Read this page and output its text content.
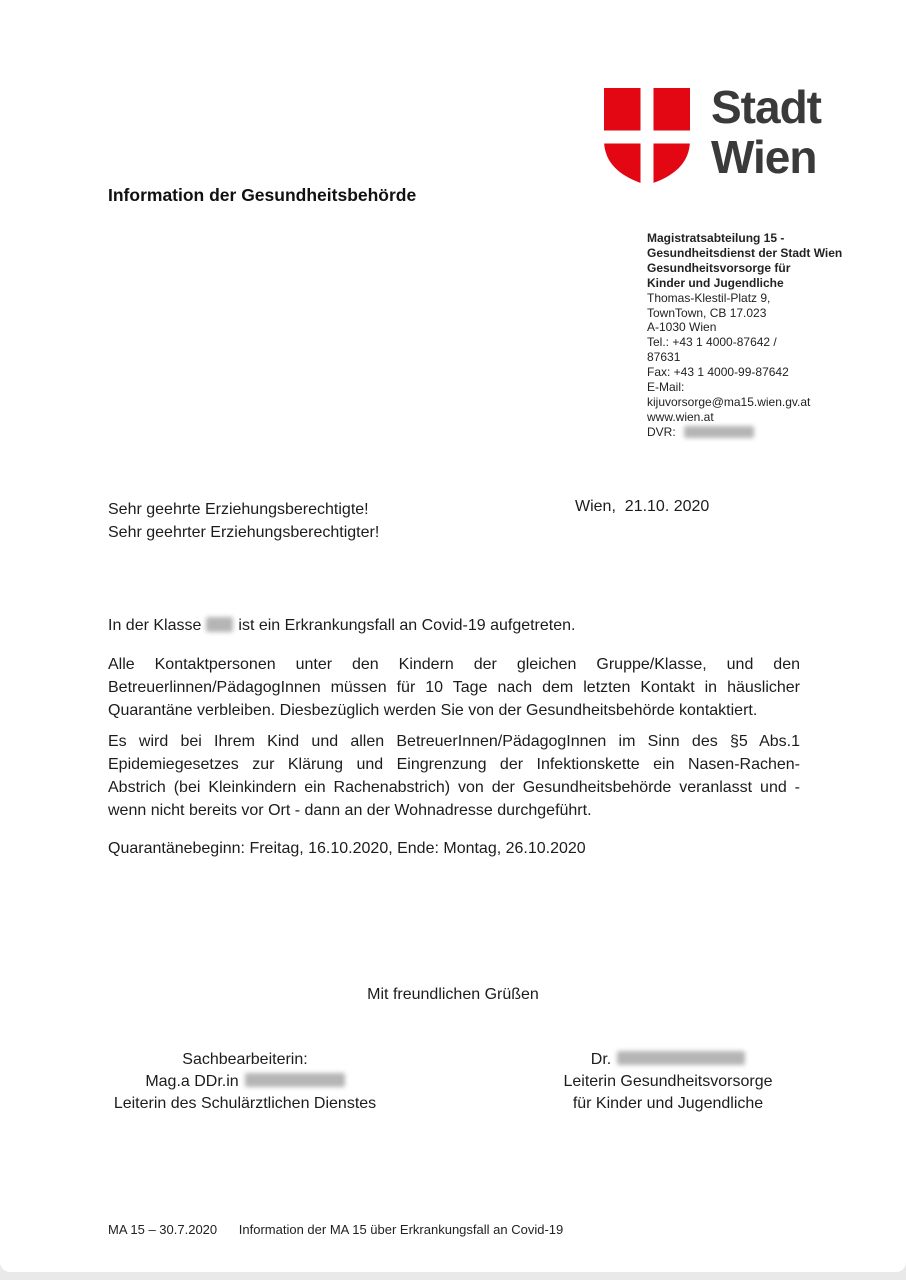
Stadt
Wien
Information der Gesundheitsbehörde
Magistratsabteilung 15 -
Gesundheitsdienst der Stadt Wien
Gesundheitsvorsorge für
Kinder und Jugendliche
Thomas-Klestil-Platz 9,
TownTown, CB 17.023
A-1030 Wien
Tel.: +43 1 4000-87642 /
87631
Fax: +43 1 4000-99-87642
E-Mail:
kijuvorsorge@ma15.wien.gv.at
www.wien.at
DVR:
Sehr geehrte Erziehungsberechtigte!
Sehr geehrter Erziehungsberechtigter!
Wien,  21.10. 2020
In der Klasse ist ein Erkrankungsfall an Covid-19 aufgetreten.
Alle Kontaktpersonen unter den Kindern der gleichen Gruppe/Klasse, und den
Betreuerlinnen/PädagogInnen müssen für 10 Tage nach dem letzten Kontakt in häuslicher
Quarantäne verbleiben. Diesbezüglich werden Sie von der Gesundheitsbehörde kontaktiert.
Es wird bei Ihrem Kind und allen BetreuerInnen/PädagogInnen im Sinn des §5 Abs.1
Epidemiegesetzes zur Klärung und Eingrenzung der Infektionskette ein Nasen-Rachen-
Abstrich (bei Kleinkindern ein Rachenabstrich) von der Gesundheitsbehörde veranlasst und -
wenn nicht bereits vor Ort - dann an der Wohnadresse durchgeführt.
Quarantänebeginn: Freitag, 16.10.2020, Ende: Montag, 26.10.2020
Mit freundlichen Grüßen
Sachbearbeiterin:
Mag.a DDr.in
Leiterin des Schulärztlichen Dienstes
Dr.
Leiterin Gesundheitsvorsorge
für Kinder und Jugendliche
MA 15 – 30.7.2020 Information der MA 15 über Erkrankungsfall an Covid-19
